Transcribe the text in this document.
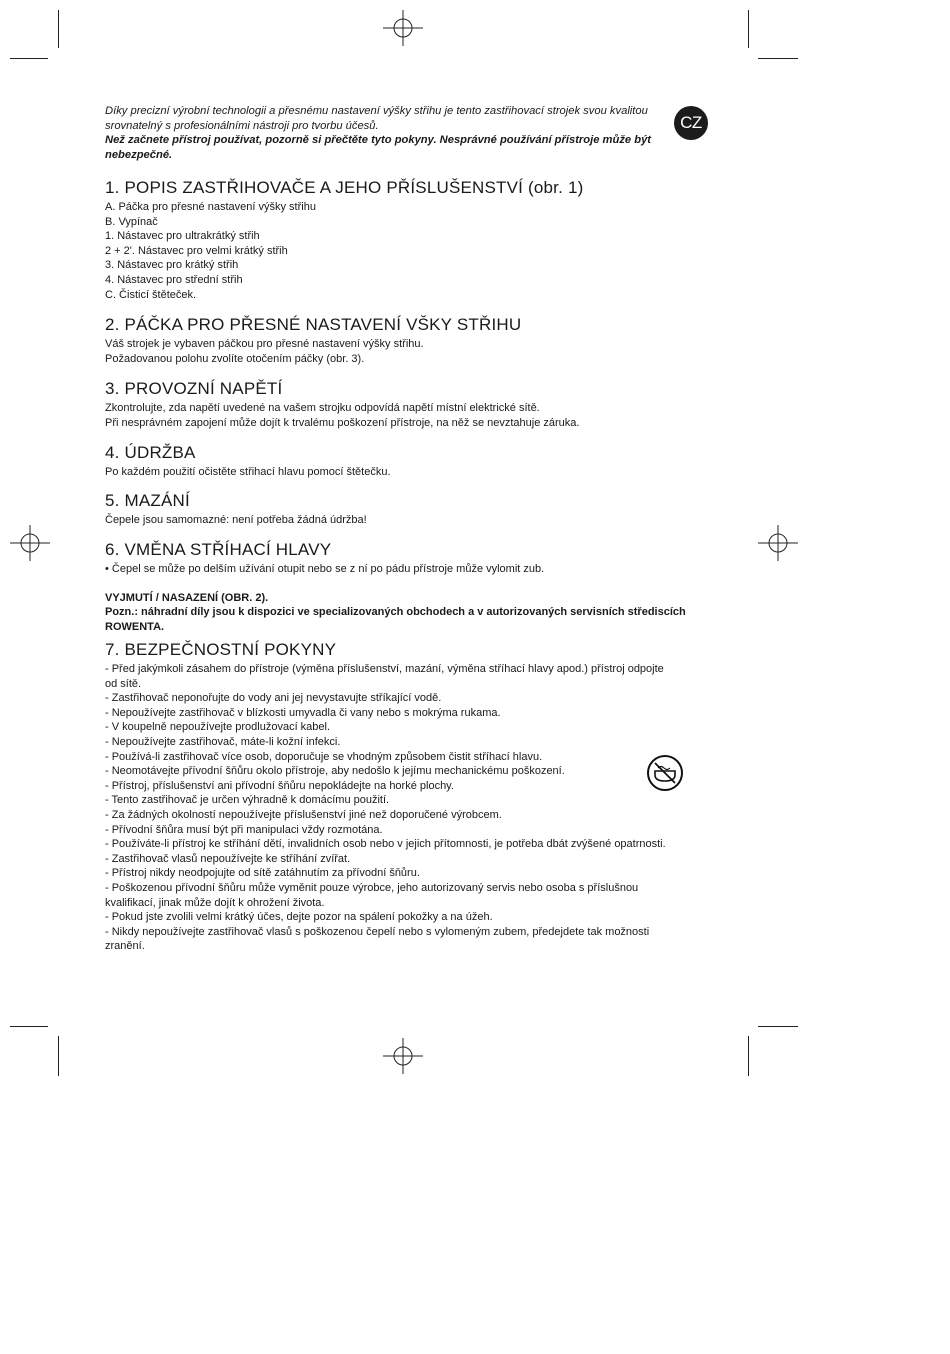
CZ

Díky precizní výrobní technologii a přesnému nastavení výšky střihu je tento zastřihovací strojek svou kvalitou srovnatelný s profesionálními nástroji pro tvorbu účesů.

Než začnete přístroj používat, pozorně si přečtěte tyto pokyny. Nesprávné používání přístroje může být nebezpečné.

1. POPIS ZASTŘIHOVAČE A JEHO PŘÍSLUŠENSTVÍ (obr. 1)

A. Páčka pro přesné nastavení výšky střihu

B. Vypínač

1. Nástavec pro ultrakrátký střih

2 + 2'. Nástavec pro velmi krátký střih

3. Nástavec pro krátký střih

4. Nástavec pro střední střih

C. Čisticí štěteček.

2. PÁČKA PRO PŘESNÉ NASTAVENÍ VŠKY STŘIHU

Váš strojek je vybaven páčkou pro přesné nastavení výšky střihu.

Požadovanou polohu zvolíte otočením páčky (obr. 3).

3. PROVOZNÍ NAPĚTÍ

Zkontrolujte, zda napětí uvedené na vašem strojku odpovídá napětí místní elektrické sítě.

Při nesprávném zapojení může dojít k trvalému poškození přístroje, na něž se nevztahuje záruka.

4. ÚDRŽBA

Po každém použití očistěte střihací hlavu pomocí štětečku.

5. MAZÁNÍ

Čepele jsou samomazné: není potřeba žádná údržba!

6. VMĚNA STŘÍHACÍ HLAVY

• Čepel se může po delším užívání otupit nebo se z ní po pádu přístroje může vylomit zub.

VYJMUTÍ / NASAZENÍ (OBR. 2).

Pozn.: náhradní díly jsou k dispozici ve specializovaných obchodech a v autorizovaných servisních střediscích ROWENTA.

7. BEZPEČNOSTNÍ POKYNY

- Před jakýmkoli zásahem do přístroje (výměna příslušenství, mazání, výměna stříhací hlavy apod.) přístroj odpojte od sítě.

- Zastřihovač neponořujte do vody ani jej nevystavujte stříkající vodě.

- Nepoužívejte zastřihovač v blízkosti umyvadla či vany nebo s mokrýma rukama.

- V koupelně nepoužívejte prodlužovací kabel.

- Nepoužívejte zastřihovač, máte-li kožní infekci.

- Používá-li zastřihovač více osob, doporučuje se vhodným způsobem čistit stříhací hlavu.

- Neomotávejte přívodní šňůru okolo přístroje, aby nedošlo k jejímu mechanickému poškození.

- Přístroj, příslušenství ani přívodní šňůru nepokládejte na horké plochy.

- Tento zastřihovač je určen výhradně k domácímu použití.

- Za žádných okolností nepoužívejte příslušenství jiné než doporučené výrobcem.

- Přívodní šňůra musí být při manipulaci vždy rozmotána.

- Používáte-li přístroj ke stříhání dětí, invalidních osob nebo v jejich přítomnosti, je potřeba dbát zvýšené opatrnosti.

- Zastřihovač vlasů nepoužívejte ke stříhání zvířat.

- Přístroj nikdy neodpojujte od sítě zatáhnutím za přívodní šňůru.

- Poškozenou přívodní šňůru může vyměnit pouze výrobce, jeho autorizovaný servis nebo osoba s příslušnou kvalifikací, jinak může dojít k ohrožení života.

- Pokud jste zvolili velmi krátký účes, dejte pozor na spálení pokožky a na úžeh.

- Nikdy nepoužívejte zastřihovač vlasů s poškozenou čepelí nebo s vylomeným zubem, předejdete tak možnosti zranění.
